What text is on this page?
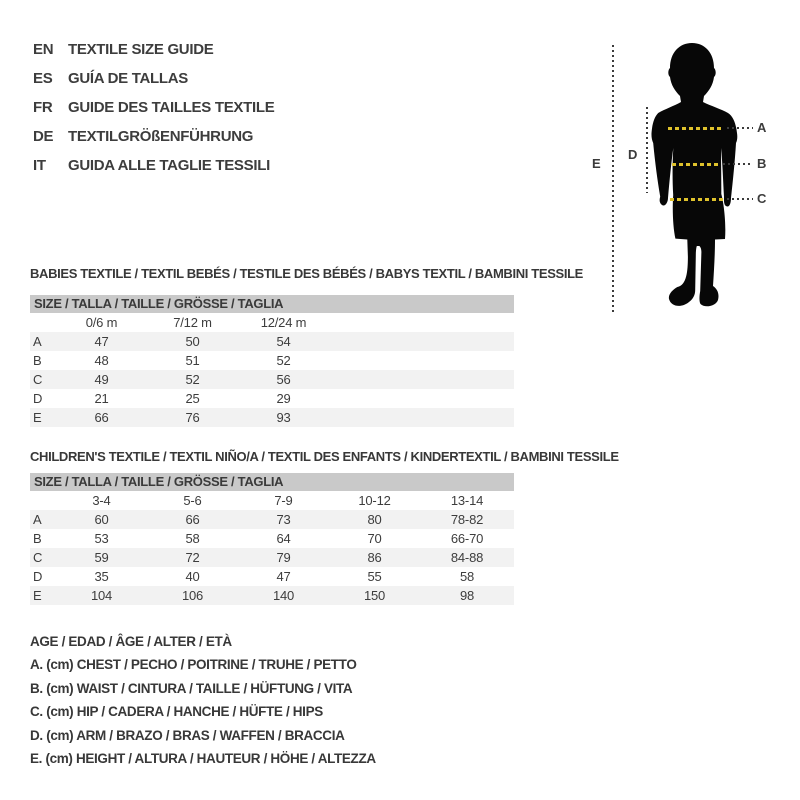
EN TEXTILE SIZE GUIDE
ES GUÍA DE TALLAS
FR GUIDE DES TAILLES TEXTILE
DE TEXTILGRÖßENFÜHRUNG
IT GUIDA ALLE TAGLIE TESSILI	E
D
A
B
C
BABIES TEXTILE / TEXTIL BEBÉS / TESTILE DES BÉBÉS / BABYS TEXTIL / BAMBINI TESSILE
SIZE / TALLA / TAILLE / GRÖSSE / TAGLIA
	0/6 m	7/12 m	12/24 m		
A	47	50	54		
B	48	51	52		
C	49	52	56		
D	21	25	29		
E	66	76	93		
CHILDREN'S TEXTILE / TEXTIL NIÑO/A / TEXTIL DES ENFANTS / KINDERTEXTIL / BAMBINI TESSILE
SIZE / TALLA / TAILLE / GRÖSSE / TAGLIA
	3-4	5-6	7-9	10-12	13-14
A	60	66	73	80	78-82
B	53	58	64	70	66-70
C	59	72	79	86	84-88
D	35	40	47	55	58
E	104	106	140	150	98
AGE / EDAD / ÂGE / ALTER / ETÀ
A. (cm) CHEST / PECHO / POITRINE / TRUHE / PETTO
B. (cm) WAIST / CINTURA / TAILLE / HÜFTUNG / VITA
C. (cm) HIP / CADERA / HANCHE / HÜFTE / HIPS
D. (cm) ARM / BRAZO / BRAS / WAFFEN / BRACCIA
E. (cm) HEIGHT / ALTURA / HAUTEUR / HÖHE / ALTEZZA
